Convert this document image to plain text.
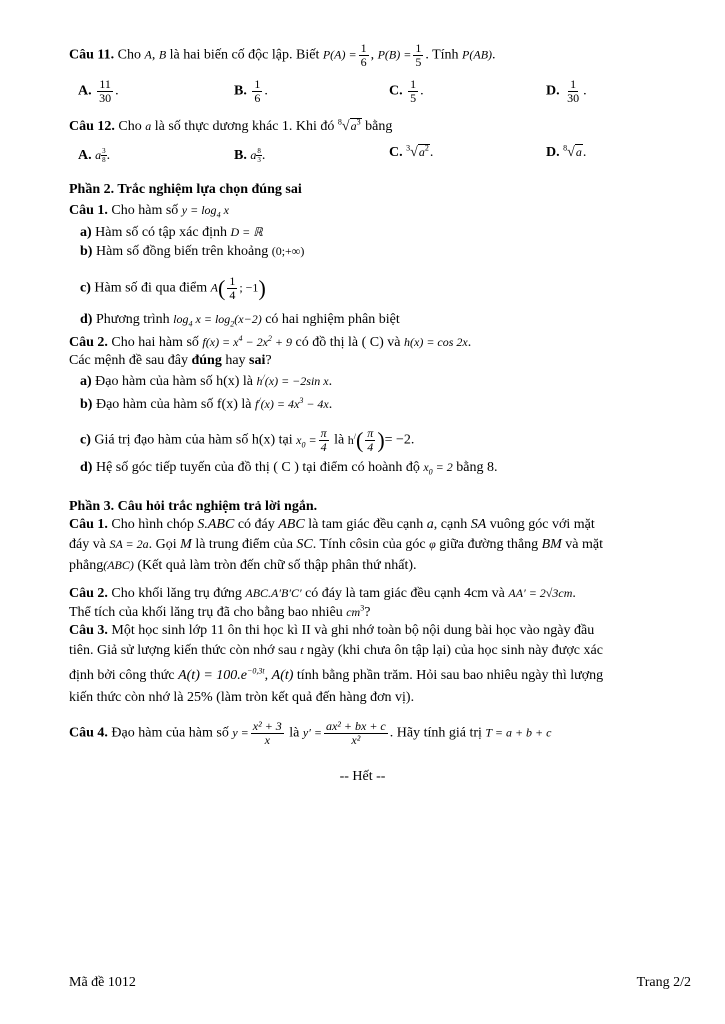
Câu 11. Cho A, B là hai biến cố độc lập. Biết $P(A) = \frac{1}{6}$ , $P(B) = \frac{1}{5}$ . Tính P(AB).
A. $\frac{11}{30}$ .	B. $\frac{1}{6}$ .	C. $\frac{1}{5}$ .	D. $\frac{1}{30}$ .
Câu 12. Cho a là số thực dương khác 1. Khi đó $^8√a^3$ bằng
A. a $\frac{3}{8}$ .	B. a $\frac{8}{3}$ .	C. $^3√a^2$.	D. $^8$√a.
Phần 2. Trắc nghiệm lựa chọn đúng sai
Câu 1. Cho hàm số $y = \log_4 x$
a) Hàm số có tập xác định D = ℝ
b) Hàm số đồng biến trên khoảng (0;+∞)
c) Hàm số đi qua điểm $A( \frac{1}{4}$ ; −1)
d) Phương trình $\log_4 x = \log_2(x-2)$ có hai nghiệm phân biệt
Câu 2. Cho hai hàm số $f(x) = x^4 - 2x^2 + 9$ có đồ thị là ( C) và h(x) = cos 2x.
Các mệnh đề sau đây đúng hay sai?
a) Đạo hàm của hàm số h(x) là h/(x) = −2sin x.
b) Đạo hàm của hàm số f(x) là $f^/(x) = 4x^3 - 4x$.
c) Giá trị đạo hàm của hàm số h(x) tại $x_0 = \frac{\pi}{4}$ là $h^/( \frac{\pi}{4}$ )= −2.
d) Hệ số góc tiếp tuyến của đồ thị ( C ) tại điểm có hoành độ $x_0 = 2$ bằng 8.
Phần 3. Câu hỏi trắc nghiệm trả lời ngắn.
Câu 1. Cho hình chóp S.ABC có đáy ABC là tam giác đều cạnh a, cạnh SA vuông góc với mặt
đáy và SA = 2a. Gọi M là trung điểm của SC. Tính côsin của góc φ giữa đường thẳng BM và mặt
phẳng(ABC) (Kết quả làm tròn đến chữ số thập phân thứ nhất).
Câu 2. Cho khối lăng trụ đứng ABC.A′B′C′ có đáy là tam giác đều cạnh 4cm và AA′ = 2√3cm.
Thể tích của khối lăng trụ đã cho bằng bao nhiêu $cm^3$?
Câu 3. Một học sinh lớp 11 ôn thi học kì II và ghi nhớ toàn bộ nội dung bài học vào ngày đầu
tiên. Giả sử lượng kiến thức còn nhớ sau t ngày (khi chưa ôn tập lại) của học sinh này được xác
định bởi công thức $A(t) = 100.e^{-0,3t}$, A(t) tính bằng phần trăm. Hỏi sau bao nhiêu ngày thì lượng
kiến thức còn nhớ là 25% (làm tròn kết quả đến hàng đơn vị).
Câu 4. Đạo hàm của hàm số $y = \frac{\text{x² + 3}}{x}$ là $y' = \frac{\text{ax² + bx + c}}{\text{x²}}$ . Hãy tính giá trị T = a + b + c
-- Hết --
Mã đề 1012	Trang 2/2
